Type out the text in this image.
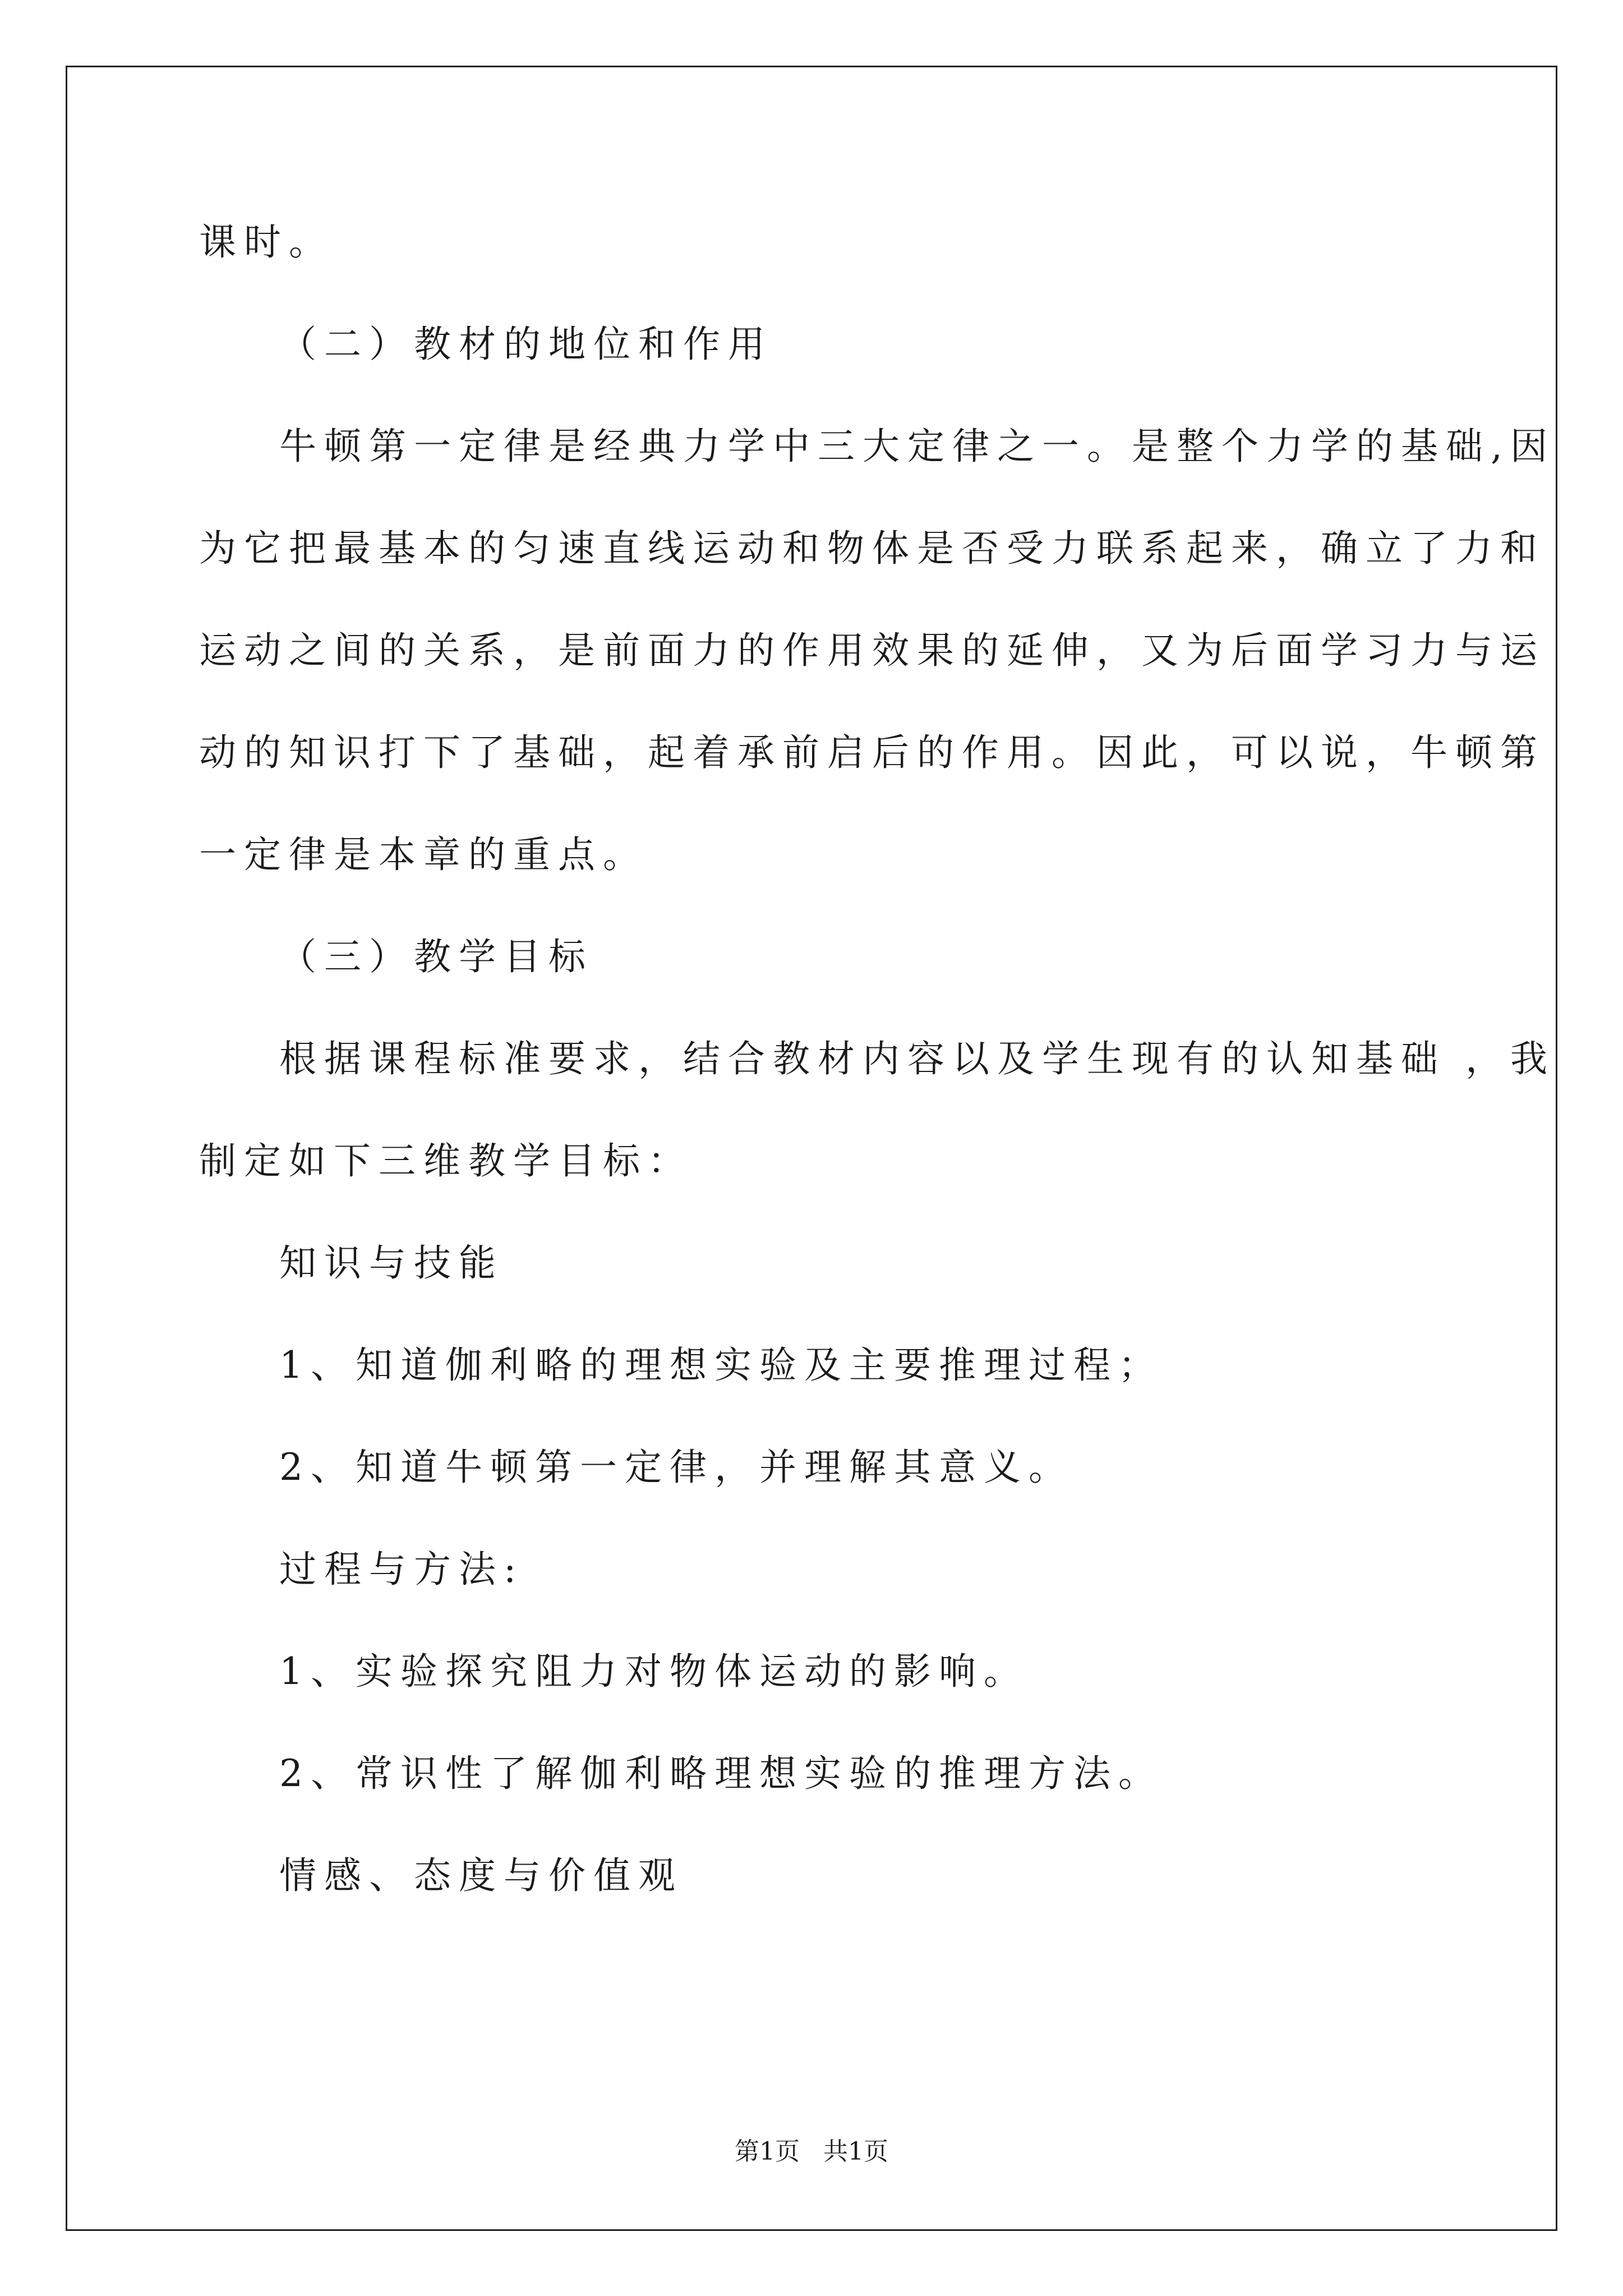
课时。
（二）教材的地位和作用
牛顿第一定律是经典力学中三大定律之一。是整个力学的基础,因
为它把最基本的匀速直线运动和物体是否受力联系起来，确立了力和
运动之间的关系，是前面力的作用效果的延伸，又为后面学习力与运
动的知识打下了基础，起着承前启后的作用。因此，可以说，牛顿第
一定律是本章的重点。
（三）教学目标
根据课程标准要求，结合教材内容以及学生现有的认知基础 ，我
制定如下三维教学目标：
知识与技能
1、知道伽利略的理想实验及主要推理过程；
2、知道牛顿第一定律，并理解其意义。
过程与方法:
1、实验探究阻力对物体运动的影响。
2、常识性了解伽利略理想实验的推理方法。
情感、态度与价值观
第1页   共1页
